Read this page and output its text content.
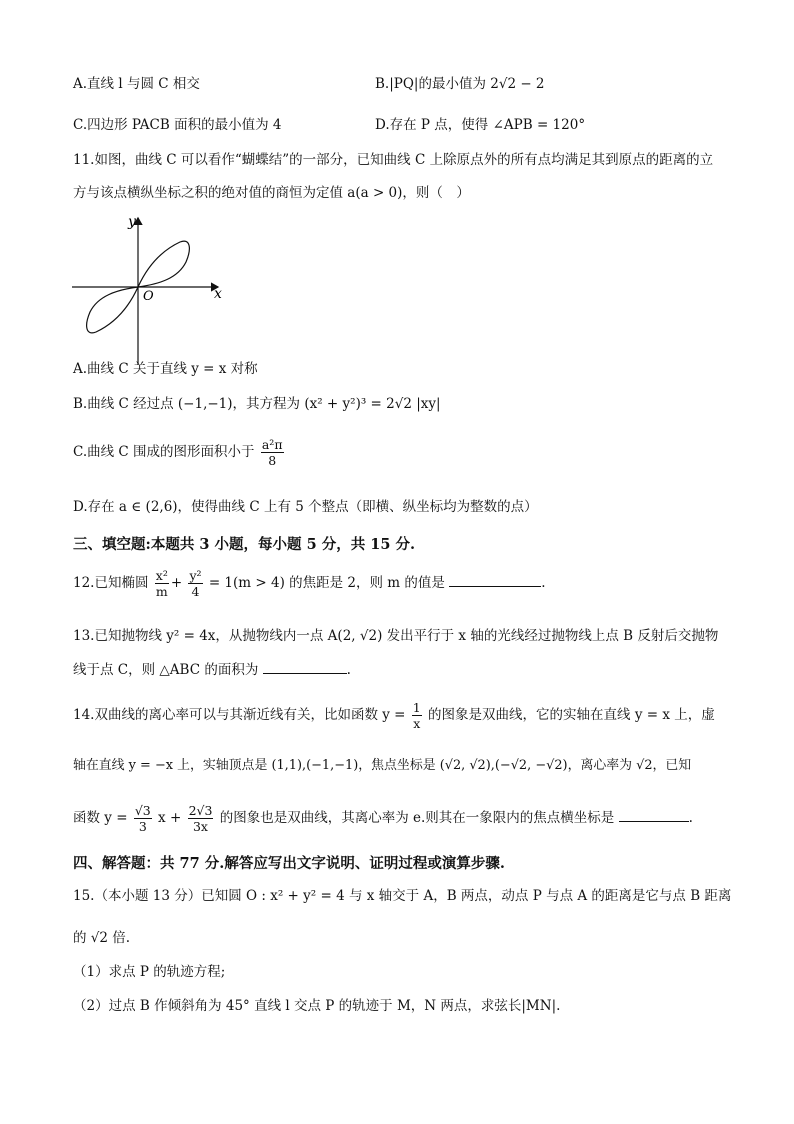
A.直线 l 与圆 C 相交	B.|PQ|的最小值为 2√2 − 2
C.四边形 PACB 面积的最小值为 4	D.存在 P 点，使得 ∠APB = 120°
11.如图，曲线 C 可以看作“蝴蝶结”的一部分，已知曲线 C 上除原点外的所有点均满足其到原点的距离的立
方与该点横纵坐标之积的绝对值的商恒为定值 a(a > 0)，则（　）
y
x
O
A.曲线 C 关于直线 y = x 对称
B.曲线 C 经过点 (−1,−1)，其方程为 (x² + y²)³ = 2√2 |xy|
C.曲线 C 围成的图形面积小于 $\frac{\text{a²π}}{8}$
D.存在 a ∈ (2,6)，使得曲线 C 上有 5 个整点（即横、纵坐标均为整数的点）
三、填空题:本题共 3 小题，每小题 5 分，共 15 分.
12.已知椭圆 $\frac{\text{x²}}{m} + \frac{\text{y²}}{4} = 1(m > 4)$ 的焦距是 2，则 m 的值是	.
13.已知抛物线 y² = 4x，从抛物线内一点 A(2, √2) 发出平行于 x 轴的光线经过抛物线上点 B 反射后交抛物
线于点 C，则 △ABC 的面积为	.
14.双曲线的离心率可以与其渐近线有关，比如函数 $y = \frac{1}{x}$ 的图象是双曲线，它的实轴在直线 y = x 上，虚
轴在直线 y = −x 上，实轴顶点是 (1,1),(−1,−1)，焦点坐标是 (√2, √2),(−√2, −√2)，离心率为 √2，已知
函数 $y = \frac{√3}{3}$ $x + \frac{2√3}{3x}$ 的图象也是双曲线，其离心率为 e.则其在一象限内的焦点横坐标是	.
四、解答题：共 77 分.解答应写出文字说明、证明过程或演算步骤.
15.（本小题 13 分）已知圆 O : x² + y² = 4 与 x 轴交于 A，B 两点，动点 P 与点 A 的距离是它与点 B 距离
的 √2 倍.
（1）求点 P 的轨迹方程;
（2）过点 B 作倾斜角为 45° 直线 l 交点 P 的轨迹于 M，N 两点，求弦长|MN|.
